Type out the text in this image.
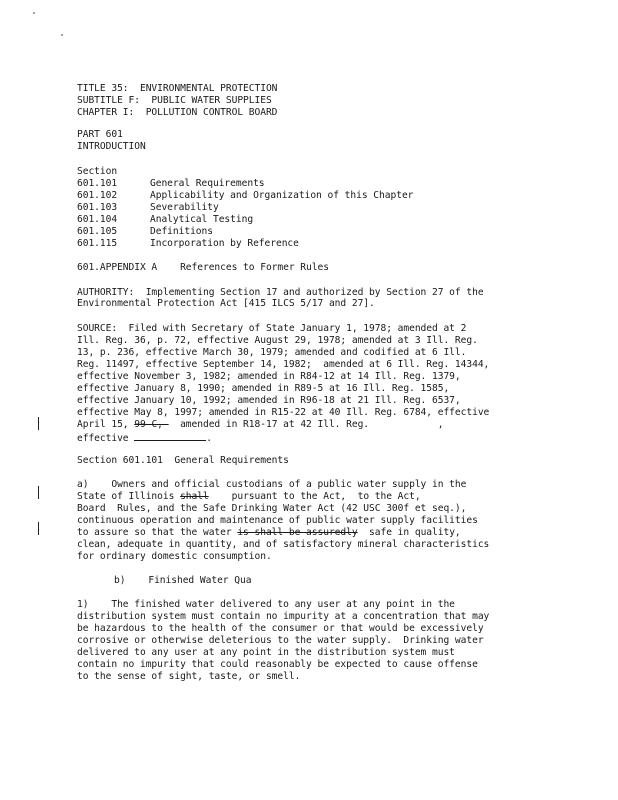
TITLE 35:  ENVIRONMENTAL PROTECTION
SUBTITLE F:  PUBLIC WATER SUPPLIES
CHAPTER I:  POLLUTION CONTROL BOARD
PART 601
INTRODUCTION
Section
601.101	General Requirements
601.102	Applicability and Organization of this Chapter
601.103	Severability
601.104	Analytical Testing
601.105	Definitions
601.115	Incorporation by Reference
601.APPENDIX A    References to Former Rules
AUTHORITY:  Implementing Section 17 and authorized by Section 27 of the
Environmental Protection Act [415 ILCS 5/17 and 27].
SOURCE:  Filed with Secretary of State January 1, 1978; amended at 2
Ill. Reg. 36, p. 72, effective August 29, 1978; amended at 3 Ill. Reg.
13, p. 236, effective March 30, 1979; amended and codified at 6 Ill.
Reg. 11497, effective September 14, 1982;  amended at 6 Ill. Reg. 14344,
effective November 3, 1982; amended in R84-12 at 14 Ill. Reg. 1379,
effective January 8, 1990; amended in R89-5 at 16 Ill. Reg. 1585,
effective January 10, 1992; amended in R96-18 at 21 Ill. Reg. 6537,
effective May 8, 1997; amended in R15-22 at 40 Ill. Reg. 6784, effective
April 15, 99 C,   amended in R18-17 at 42 Ill. Reg.            ,
effective	.
Section 601.101  General Requirements
a)    Owners and official custodians of a public water supply in the
State of Illinois shall    pursuant to the Act,  to the Act,
Board  Rules, and the Safe Drinking Water Act (42 USC 300f et seq.),
continuous operation and maintenance of public water supply facilities
to assure so that the water is shall be assuredly  safe in quality,
clean, adequate in quantity, and of satisfactory mineral characteristics
for ordinary domestic consumption.
b)    Finished Water Qua
1)    The finished water delivered to any user at any point in the
distribution system must contain no impurity at a concentration that may
be hazardous to the health of the consumer or that would be excessively
corrosive or otherwise deleterious to the water supply.  Drinking water
delivered to any user at any point in the distribution system must
contain no impurity that could reasonably be expected to cause offense
to the sense of sight, taste, or smell.
